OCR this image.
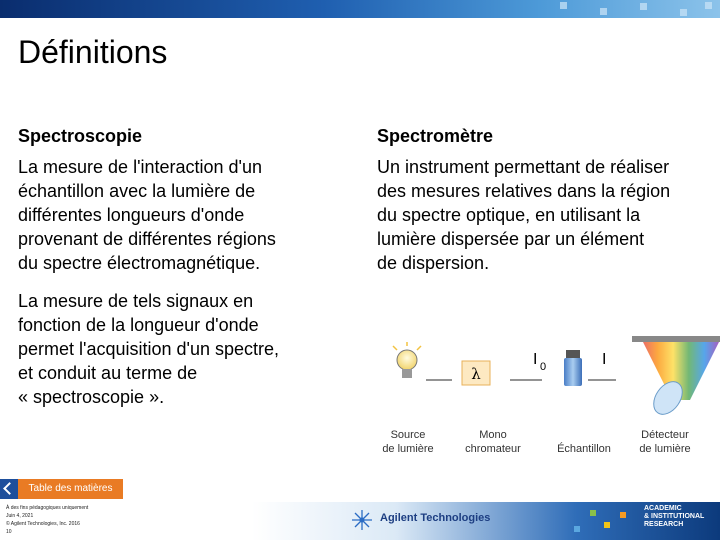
Définitions
Spectroscopie
La mesure de l'interaction d'un
échantillon avec la lumière de
différentes longueurs d'onde
provenant de différentes régions
du spectre électromagnétique.
La mesure de tels signaux en
fonction de la longueur d'onde
permet l'acquisition d'un spectre,
et conduit au terme de
« spectroscopie ».
Spectromètre
Un instrument permettant de réaliser
des mesures relatives dans la région
du spectre optique, en utilisant la
lumière dispersée par un élément
de dispersion.
λ
I 0	I
Source
de lumière
Mono
chromateur	Échantillon
Détecteur
de lumière
Table des matières
À des fins pédagogiques uniquement
Juin 4, 2021
© Agilent Technologies, Inc. 2016
10
Agilent Technologies
ACADEMIC
& INSTITUTIONAL
RESEARCH
